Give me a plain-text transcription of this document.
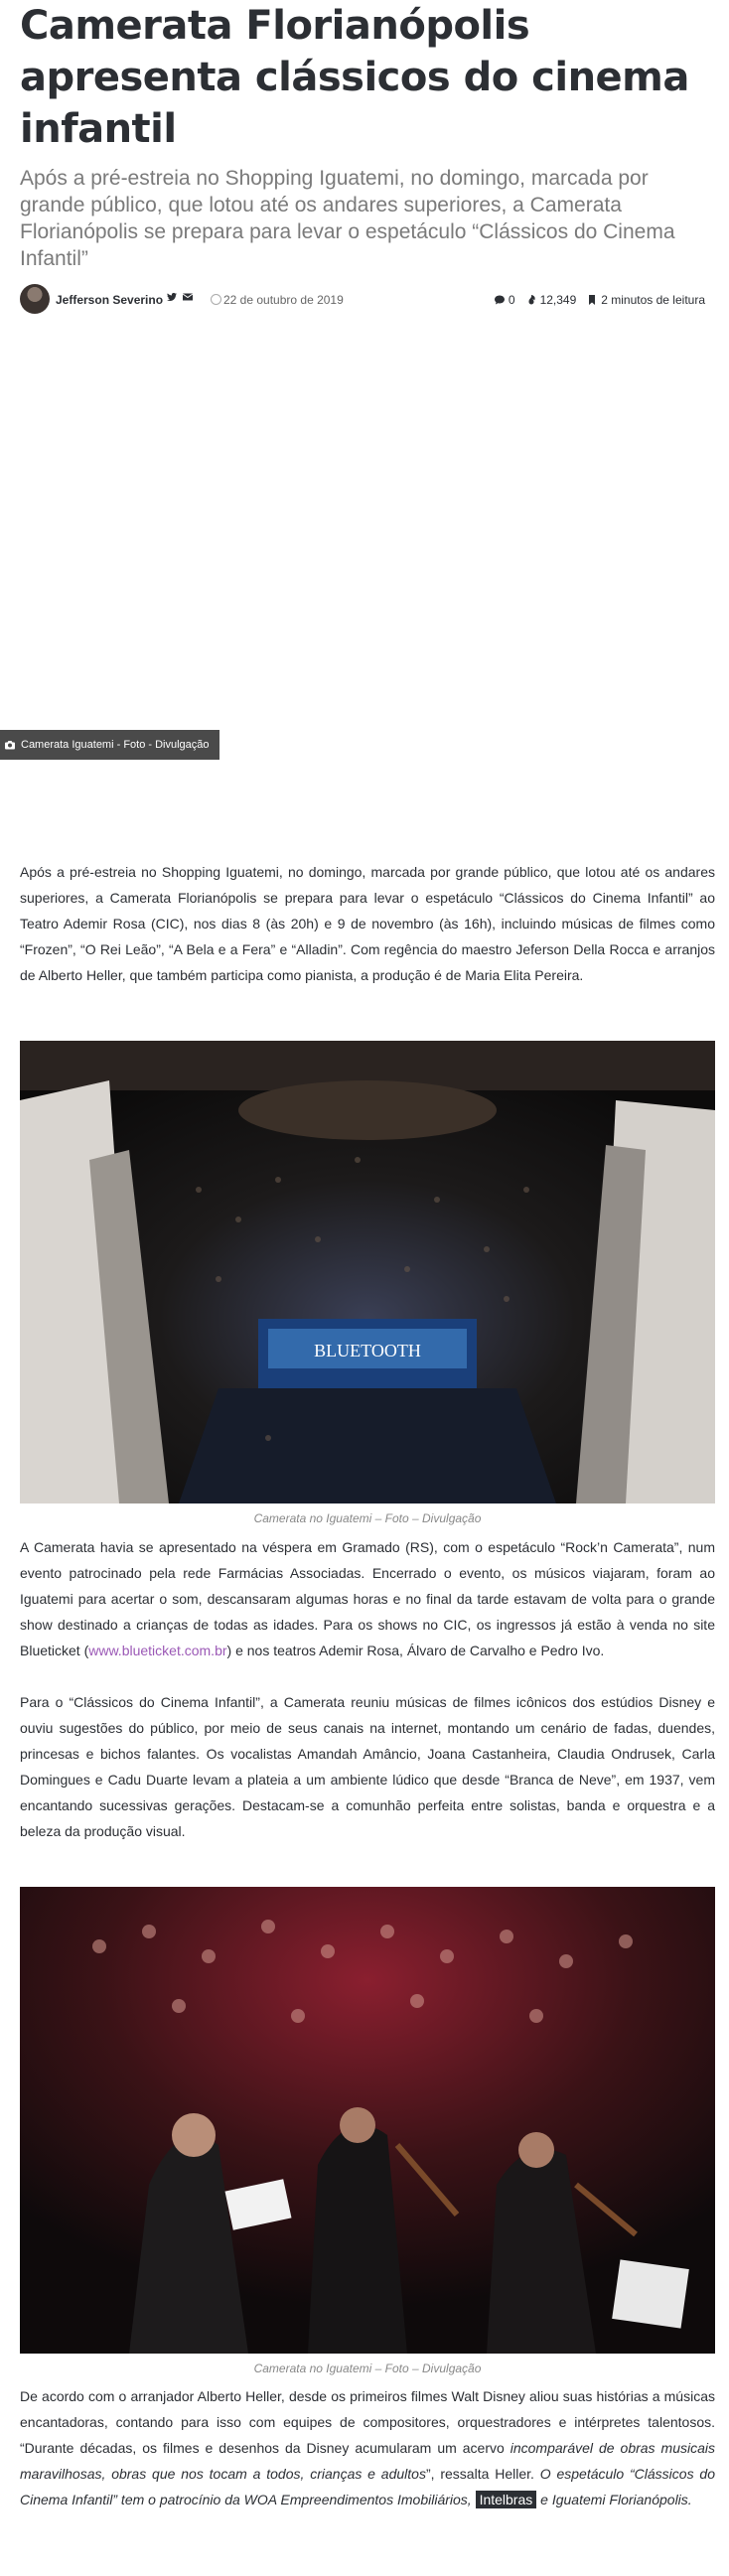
Camerata Florianópolis apresenta clássicos do cinema infantil

Após a pré-estreia no Shopping Iguatemi, no domingo, marcada por grande público, que lotou até os andares superiores, a Camerata Florianópolis se prepara para levar o espetáculo “Clássicos do Cinema Infantil”

Jefferson Severino	22 de outubro de 2019	0 12,349 2 minutos de leitura
Camerata Iguatemi - Foto - Divulgação

Após a pré-estreia no Shopping Iguatemi, no domingo, marcada por grande público, que lotou até os andares superiores, a Camerata Florianópolis se prepara para levar o espetáculo “Clássicos do Cinema Infantil” ao Teatro Ademir Rosa (CIC), nos dias 8 (às 20h) e 9 de novembro (às 16h), incluindo músicas de filmes como “Frozen”, “O Rei Leão”, “A Bela e a Fera” e “Alladin”. Com regência do maestro Jeferson Della Rocca e arranjos de Alberto Heller, que também participa como pianista, a produção é de Maria Elita Pereira.

BLUETOOTH
Camerata no Iguatemi – Foto – Divulgação

A Camerata havia se apresentado na véspera em Gramado (RS), com o espetáculo “Rock’n Camerata”, num evento patrocinado pela rede Farmácias Associadas. Encerrado o evento, os músicos viajaram, foram ao Iguatemi para acertar o som, descansaram algumas horas e no final da tarde estavam de volta para o grande show destinado a crianças de todas as idades. Para os shows no CIC, os ingressos já estão à venda no site Blueticket (www.blueticket.com.br) e nos teatros Ademir Rosa, Álvaro de Carvalho e Pedro Ivo.

Para o “Clássicos do Cinema Infantil”, a Camerata reuniu músicas de filmes icônicos dos estúdios Disney e ouviu sugestões do público, por meio de seus canais na internet, montando um cenário de fadas, duendes, princesas e bichos falantes. Os vocalistas Amandah Amâncio, Joana Castanheira, Claudia Ondrusek, Carla Domingues e Cadu Duarte levam a plateia a um ambiente lúdico que desde “Branca de Neve”, em 1937, vem encantando sucessivas gerações. Destacam-se a comunhão perfeita entre solistas, banda e orquestra e a beleza da produção visual.

Camerata no Iguatemi – Foto – Divulgação

De acordo com o arranjador Alberto Heller, desde os primeiros filmes Walt Disney aliou suas histórias a músicas encantadoras, contando para isso com equipes de compositores, orquestradores e intérpretes talentosos. “Durante décadas, os filmes e desenhos da Disney acumularam um acervo incomparável de obras musicais maravilhosas, obras que nos tocam a todos, crianças e adultos”, ressalta Heller. O espetáculo “Clássicos do Cinema Infantil” tem o patrocínio da WOA Empreendimentos Imobiliários, Intelbras e Iguatemi Florianópolis.
